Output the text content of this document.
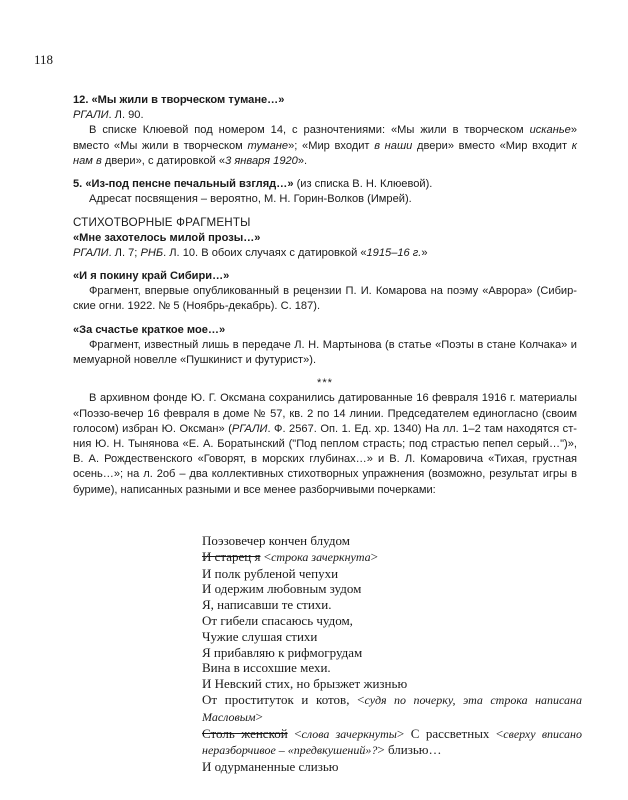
118

12. «Мы жили в творческом тумане…»

РГАЛИ. Л. 90.

В списке Клюевой под номером 14, с разночтениями: «Мы жили в творческом исканье» вместо «Мы жили в творческом тумане»; «Мир входит в наши двери» вместо «Мир входит к нам в двери», с датировкой «3 января 1920».

5. «Из-под пенсне печальный взгляд…» (из списка В. Н. Клюевой).

Адресат посвящения – вероятно, М. Н. Горин-Волков (Имрей).

СТИХОТВОРНЫЕ ФРАГМЕНТЫ

«Мне захотелось милой прозы…»

РГАЛИ. Л. 7; РНБ. Л. 10. В обоих случаях с датировкой «1915–16 г.»

«И я покину край Сибири…»

Фрагмент, впервые опубликованный в рецензии П. И. Комарова на поэму «Аврора» (Сибирские огни. 1922. № 5 (Ноябрь-декабрь). С. 187).

«За счастье краткое мое…»

Фрагмент, известный лишь в передаче Л. Н. Мартынова (в статье «Поэты в стане Колчака» и мемуарной новелле «Пушкинист и футурист»).

***

В архивном фонде Ю. Г. Оксмана сохранились датированные 16 февраля 1916 г. материалы «Поэзо-вечер 16 февраля в доме № 57, кв. 2 по 14 линии. Председателем единогласно (своим голосом) избран Ю. Оксман» (РГАЛИ. Ф. 2567. Оп. 1. Ед. хр. 1340) На лл. 1–2 там находятся ст-ния Ю. Н. Тынянова «Е. А. Боратынский ("Под пеплом страсть; под страстью пепел серый…")», В. А. Рождественского «Говорят, в морских глубинах…» и В. Л. Комаровича «Тихая, грустная осень…»; на л. 2об – два коллективных стихотворных упражнения (возможно, результат игры в буриме), написанных разными и все менее разборчивыми почерками:

Поэзовечер кончен блудом

И старец я <строка зачеркнута>

И полк рубленой чепухи

И одержим любовным зудом

Я, написавши те стихи.

От гибели спасаюсь чудом,

Чужие слушая стихи

Я прибавляю к рифмогрудам

Вина в иссохшие мехи.

И Невский стих, но брызжет жизнью

От проституток и котов, <судя по почерку, эта строка написана Масловым>

Столь женской <слова зачеркнуты> С рассветных <сверху вписано неразборчивое – «предвкушений»?> близью…

И одурманенные слизью
